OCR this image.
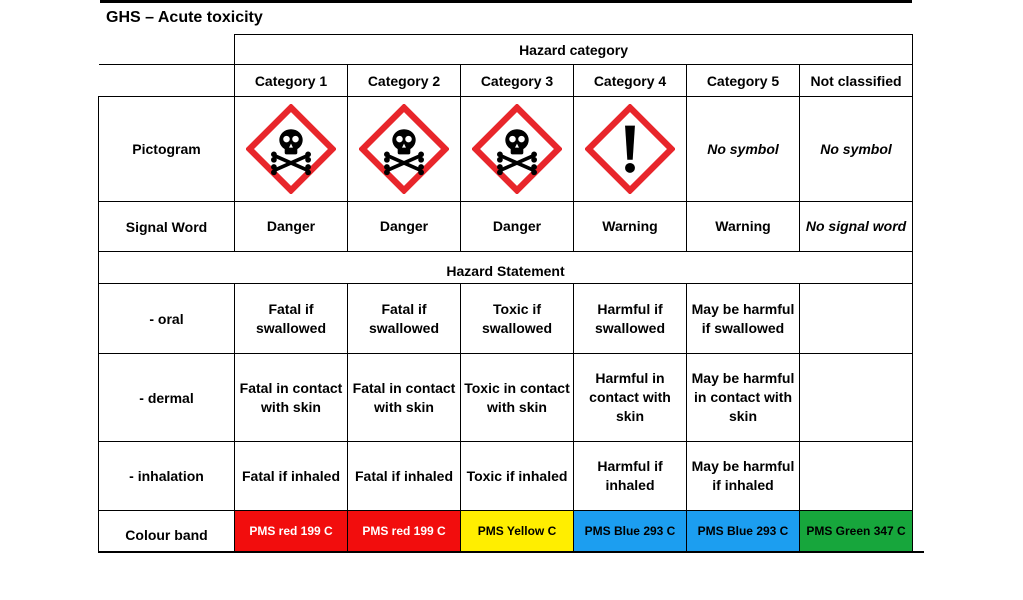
GHS – Acute toxicity
	Hazard category					
	Category 1	Category 2	Category 3	Category 4	Category 5	Not classified
Pictogram					No symbol	No symbol
Signal Word	Danger	Danger	Danger	Warning	Warning	No signal word
Hazard Statement						
- oral	Fatal if swallowed	Fatal if swallowed	Toxic if swallowed	Harmful if swallowed	May be harmful if swallowed	
- dermal	Fatal in contact with skin	Fatal in contact with skin	Toxic in contact with skin	Harmful in contact with skin	May be harmful in contact with skin	
- inhalation	Fatal if inhaled	Fatal if inhaled	Toxic if inhaled	Harmful if inhaled	May be harmful if inhaled	
Colour band	PMS red 199 C	PMS red 199 C	PMS Yellow C	PMS Blue 293 C	PMS Blue 293 C	PMS Green 347 C
